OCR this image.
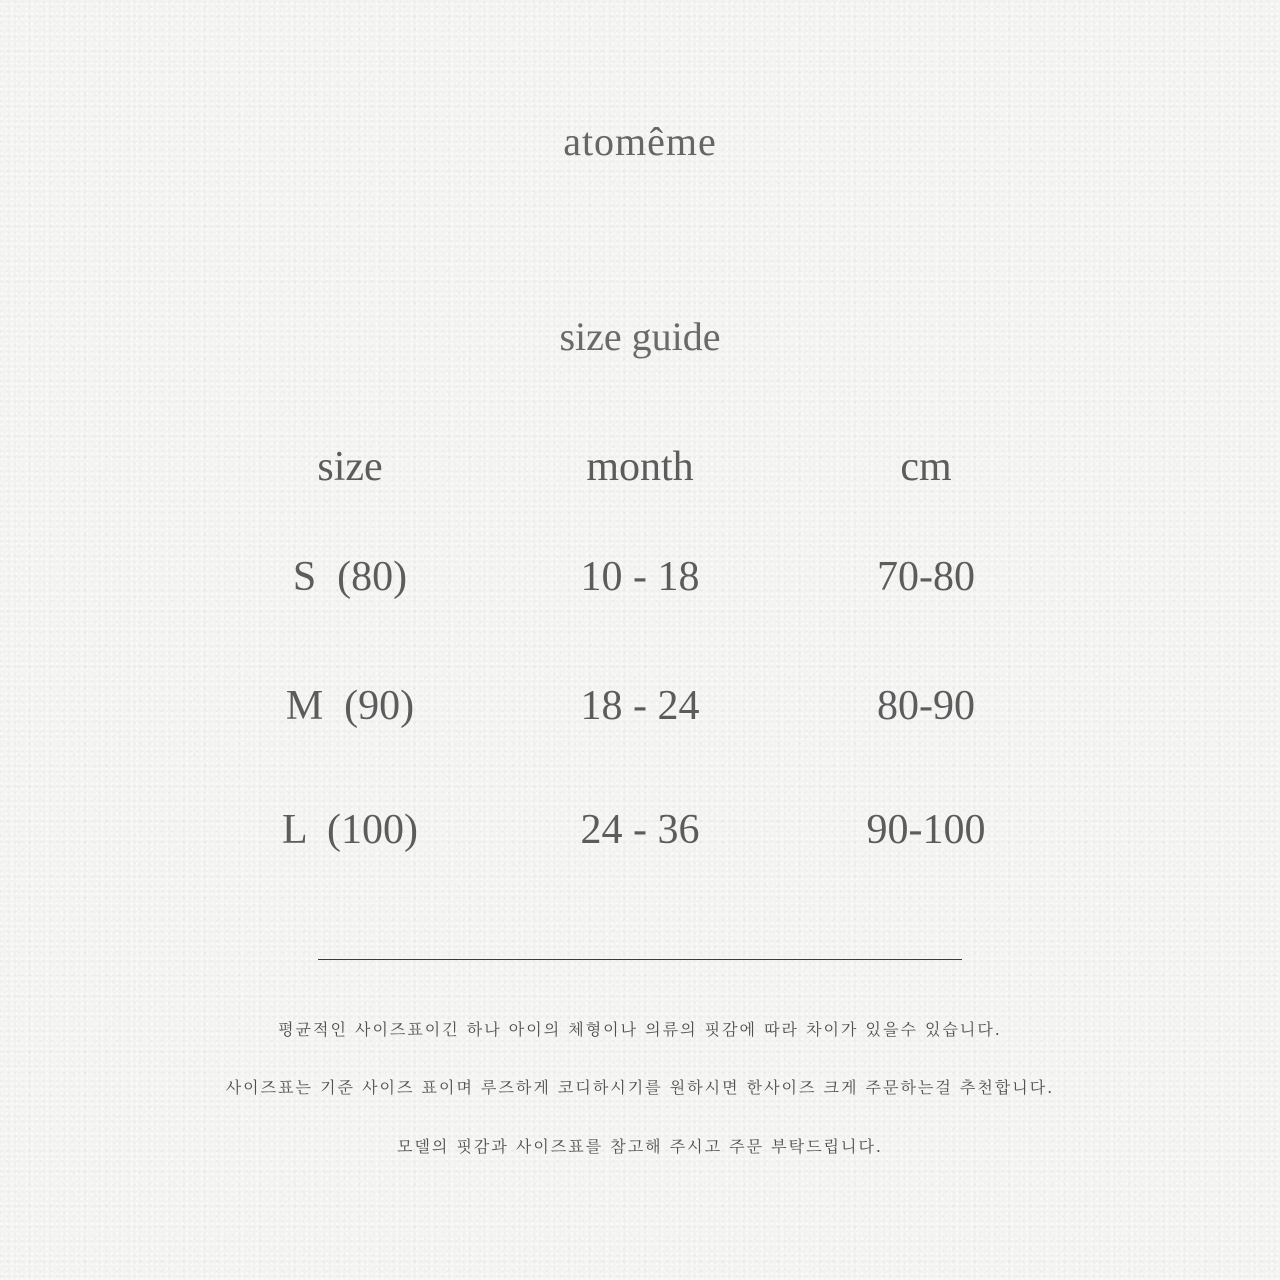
atomême
size guide
size	month	cm
S  (80)	10 - 18	70-80
M  (90)	18 - 24	80-90
L  (100)	24 - 36	90-100
평균적인 사이즈표이긴 하나 아이의 체형이나 의류의 핏감에 따라 차이가 있을수 있습니다.
사이즈표는 기준 사이즈 표이며 루즈하게 코디하시기를 원하시면 한사이즈 크게 주문하는걸 추천합니다.
모델의 핏감과 사이즈표를 참고해 주시고 주문 부탁드립니다.
